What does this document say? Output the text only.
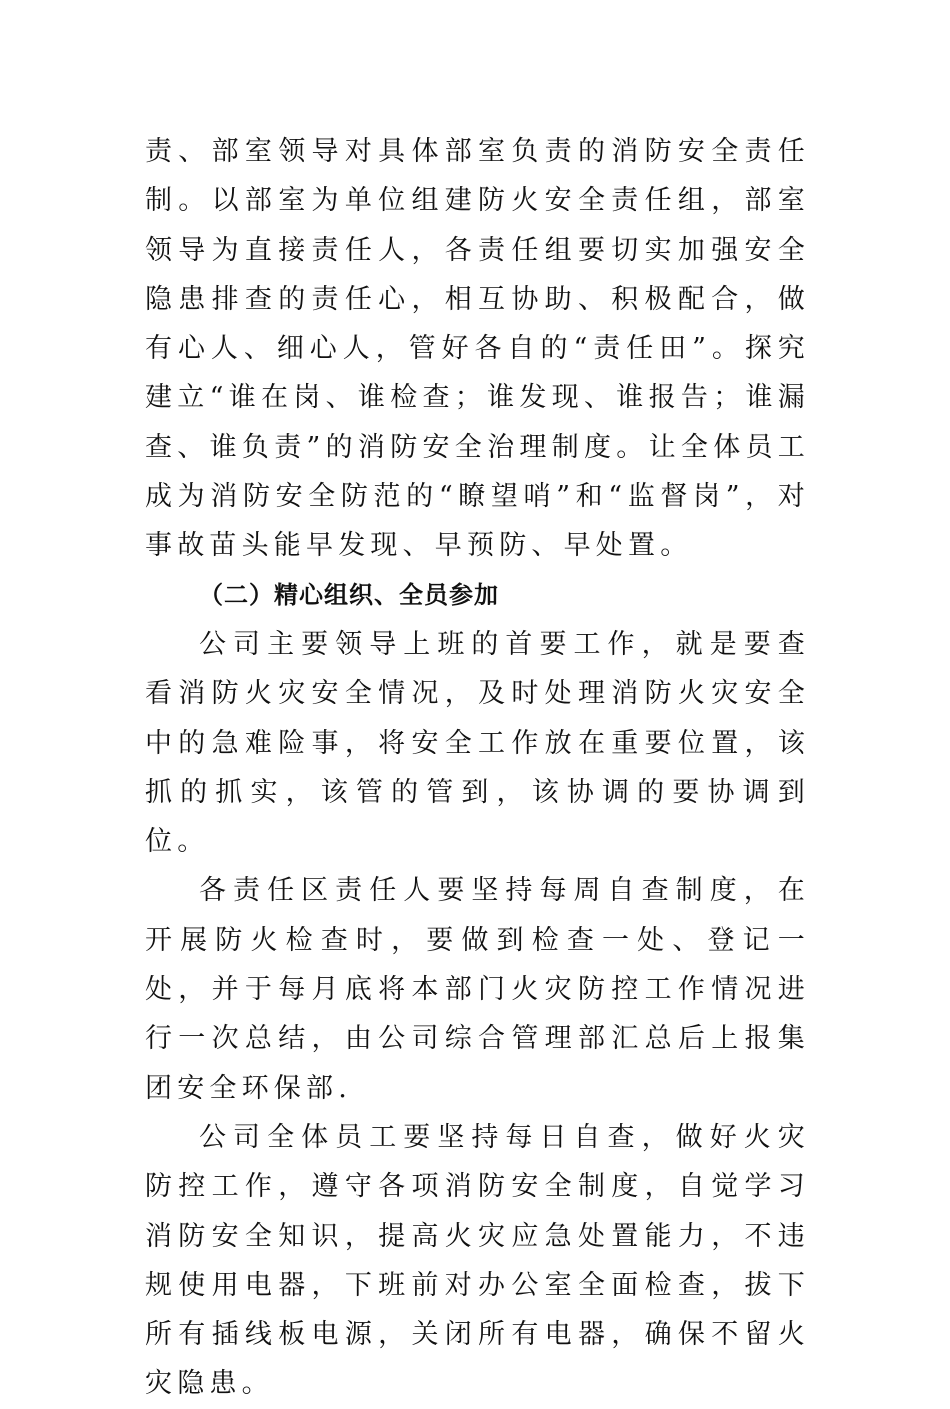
责、部室领导对具体部室负责的消防安全责任制。以部室为单位组建防火安全责任组，部室领导为直接责任人，各责任组要切实加强安全隐患排查的责任心，相互协助、积极配合，做有心人、细心人，管好各自的“责任田”。探究建立“谁在岗、谁检查；谁发现、谁报告；谁漏查、谁负责”的消防安全治理制度。让全体员工成为消防安全防范的“瞭望哨”和“监督岗”，对事故苗头能早发现、早预防、早处置。

（二）精心组织、全员参加

公司主要领导上班的首要工作，就是要查看消防火灾安全情况，及时处理消防火灾安全中的急难险事，将安全工作放在重要位置，该抓的抓实，该管的管到，该协调的要协调到位。

各责任区责任人要坚持每周自查制度，在开展防火检查时，要做到检查一处、登记一处，并于每月底将本部门火灾防控工作情况进行一次总结，由公司综合管理部汇总后上报集团安全环保部.

公司全体员工要坚持每日自查，做好火灾防控工作，遵守各项消防安全制度，自觉学习消防安全知识，提高火灾应急处置能力，不违规使用电器，下班前对办公室全面检查，拔下所有插线板电源，关闭所有电器，确保不留火灾隐患。
